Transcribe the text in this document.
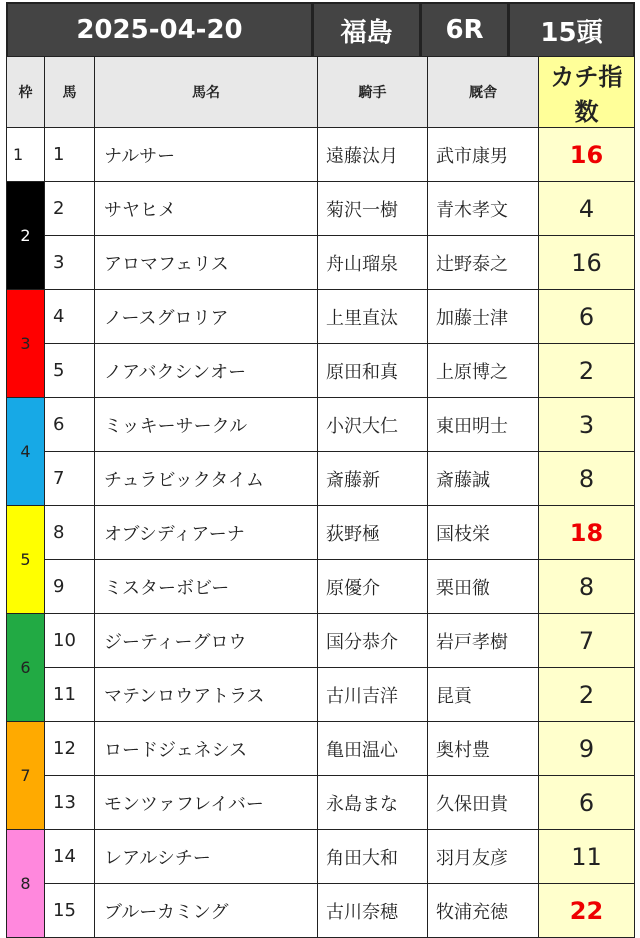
2025-04-20	福島	6R	15頭
枠	馬	馬名	騎手	厩舎	カチ指数
1	1	ナルサー	遠藤汰月	武市康男	16
2	2	サヤヒメ	菊沢一樹	青木孝文	4
	3	アロマフェリス	舟山瑠泉	辻野泰之	16
3	4	ノースグロリア	上里直汰	加藤士津	6
	5	ノアバクシンオー	原田和真	上原博之	2
4	6	ミッキーサークル	小沢大仁	東田明士	3
	7	チュラビックタイム	斎藤新	斎藤誠	8
5	8	オブシディアーナ	荻野極	国枝栄	18
	9	ミスターボビー	原優介	栗田徹	8
6	10	ジーティーグロウ	国分恭介	岩戸孝樹	7
	11	マテンロウアトラス	古川吉洋	昆貢	2
7	12	ロードジェネシス	亀田温心	奥村豊	9
	13	モンツァフレイバー	永島まな	久保田貴	6
8	14	レアルシチー	角田大和	羽月友彦	11
	15	ブルーカミング	古川奈穂	牧浦充徳	22
